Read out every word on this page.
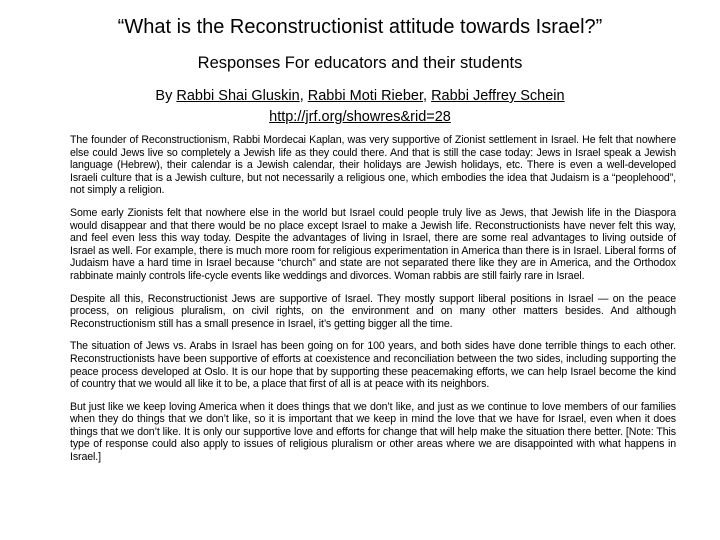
“What is the Reconstructionist attitude towards Israel?”
Responses For educators and their students
By Rabbi Shai Gluskin, Rabbi Moti Rieber, Rabbi Jeffrey Schein
http://jrf.org/showres&rid=28

The founder of Reconstructionism, Rabbi Mordecai Kaplan, was very supportive of Zionist settlement in Israel. He felt that nowhere else could Jews live so completely a Jewish life as they could there. And that is still the case today: Jews in Israel speak a Jewish language (Hebrew), their calendar is a Jewish calendar, their holidays are Jewish holidays, etc. There is even a well-developed Israeli culture that is a Jewish culture, but not necessarily a religious one, which embodies the idea that Judaism is a “peoplehood”, not simply a religion.

Some early Zionists felt that nowhere else in the world but Israel could people truly live as Jews, that Jewish life in the Diaspora would disappear and that there would be no place except Israel to make a Jewish life. Reconstructionists have never felt this way, and feel even less this way today. Despite the advantages of living in Israel, there are some real advantages to living outside of Israel as well. For example, there is much more room for religious experimentation in America than there is in Israel. Liberal forms of Judaism have a hard time in Israel because “church” and state are not separated there like they are in America, and the Orthodox rabbinate mainly controls life-cycle events like weddings and divorces. Woman rabbis are still fairly rare in Israel.

Despite all this, Reconstructionist Jews are supportive of Israel. They mostly support liberal positions in Israel — on the peace process, on religious pluralism, on civil rights, on the environment and on many other matters besides. And although Reconstructionism still has a small presence in Israel, it’s getting bigger all the time.

The situation of Jews vs. Arabs in Israel has been going on for 100 years, and both sides have done terrible things to each other. Reconstructionists have been supportive of efforts at coexistence and reconciliation between the two sides, including supporting the peace process developed at Oslo. It is our hope that by supporting these peacemaking efforts, we can help Israel become the kind of country that we would all like it to be, a place that first of all is at peace with its neighbors.

But just like we keep loving America when it does things that we don’t like, and just as we continue to love members of our families when they do things that we don’t like, so it is important that we keep in mind the love that we have for Israel, even when it does things that we don’t like. It is only our supportive love and efforts for change that will help make the situation there better. [Note: This type of response could also apply to issues of religious pluralism or other areas where we are disappointed with what happens in Israel.]
